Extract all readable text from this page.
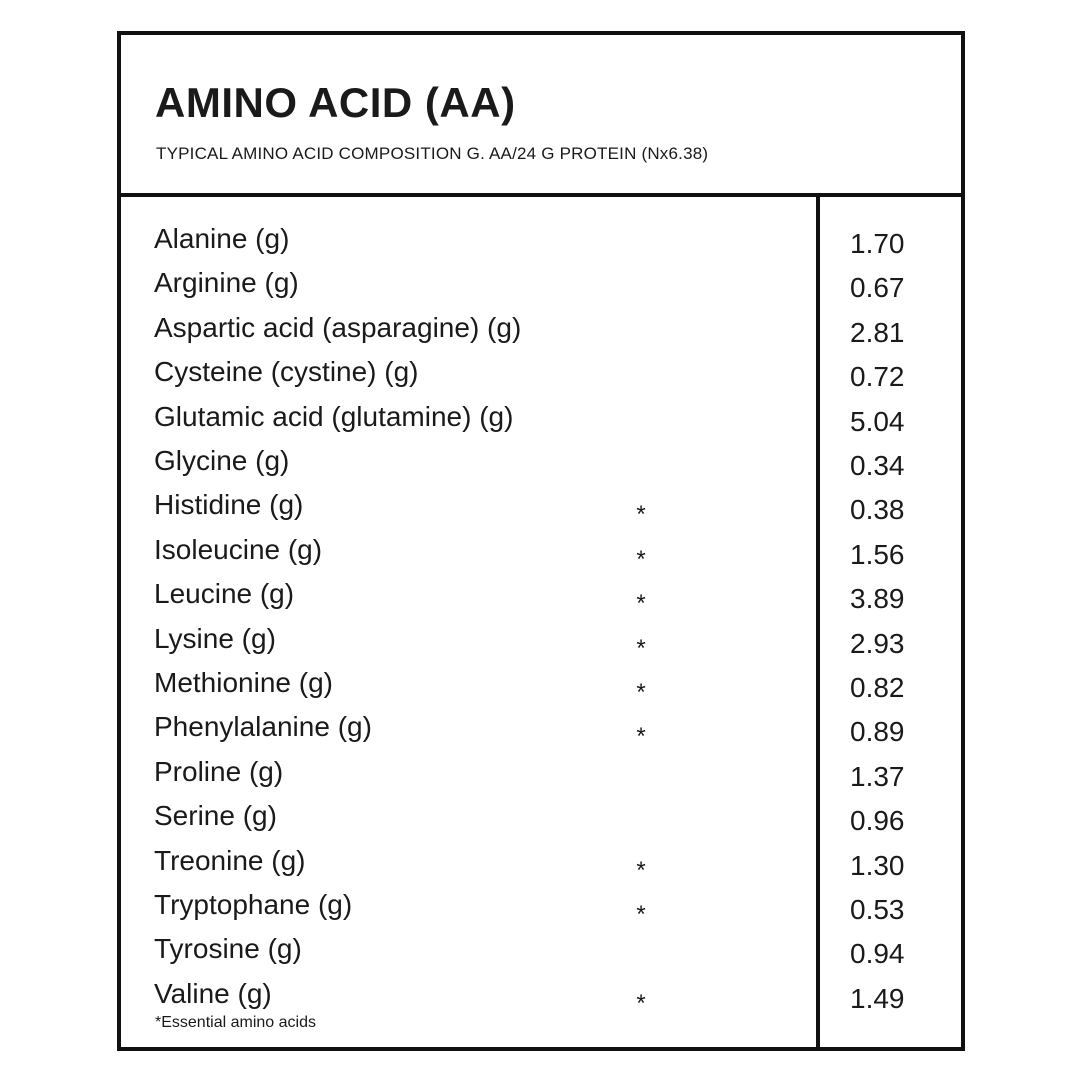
AMINO ACID (AA)

TYPICAL AMINO ACID COMPOSITION G. AA/24 G PROTEIN (Nx6.38)

Alanine (g)	1.70
Arginine (g)	0.67
Aspartic acid (asparagine) (g)	2.81
Cysteine (cystine) (g)	0.72
Glutamic acid (glutamine) (g)	5.04
Glycine (g)	0.34
Histidine (g)	*	0.38
Isoleucine (g)	*	1.56
Leucine (g)	*	3.89
Lysine (g)	*	2.93
Methionine (g)	*	0.82
Phenylalanine (g)	*	0.89
Proline (g)	1.37
Serine (g)	0.96
Treonine (g)	*	1.30
Tryptophane (g)	*	0.53
Tyrosine (g)	0.94
Valine (g)	*	1.49
*Essential amino acids
